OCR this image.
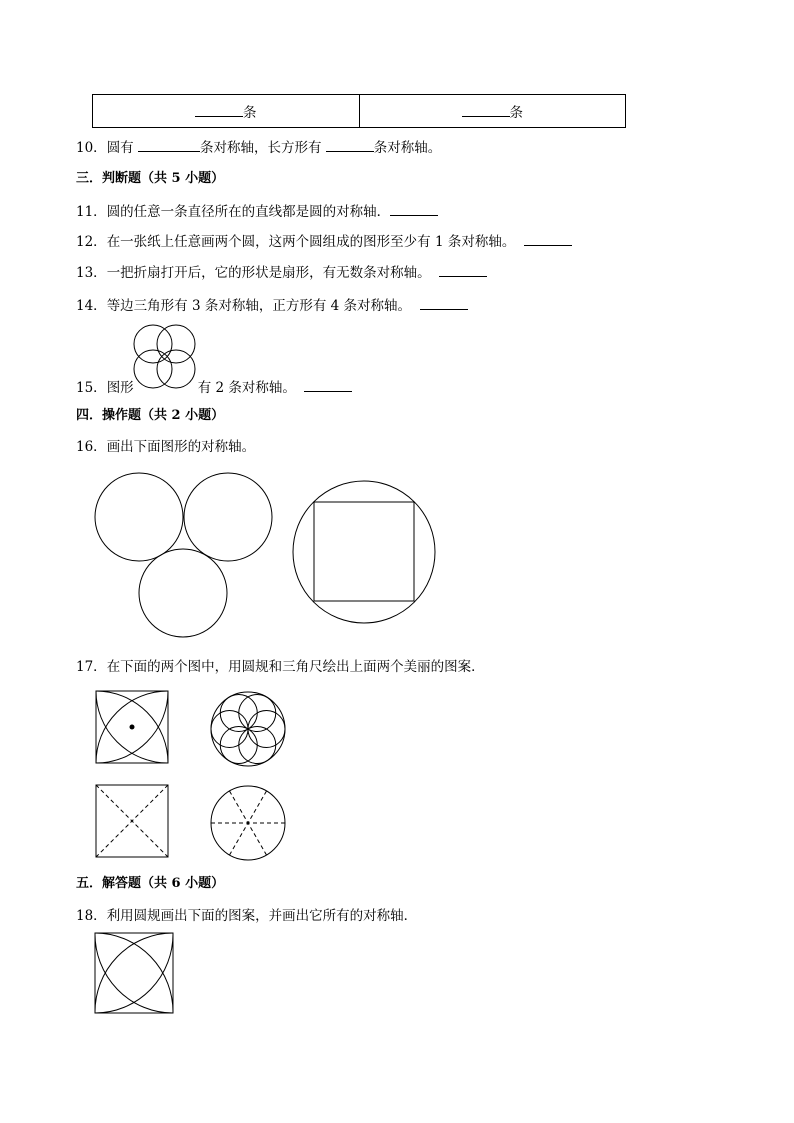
条	条
10．圆有	条对称轴，长方形有	条对称轴。
三．判断题（共 5 小题）
11．圆的任意一条直径所在的直线都是圆的对称轴．
12．在一张纸上任意画两个圆，这两个圆组成的图形至少有 1 条对称轴。
13．一把折扇打开后，它的形状是扇形，有无数条对称轴。
14．等边三角形有 3 条对称轴，正方形有 4 条对称轴。
15．图形	有 2 条对称轴。
四．操作题（共 2 小题）
16．画出下面图形的对称轴。
17．在下面的两个图中，用圆规和三角尺绘出上面两个美丽的图案．
五．解答题（共 6 小题）
18．利用圆规画出下面的图案，并画出它所有的对称轴．
